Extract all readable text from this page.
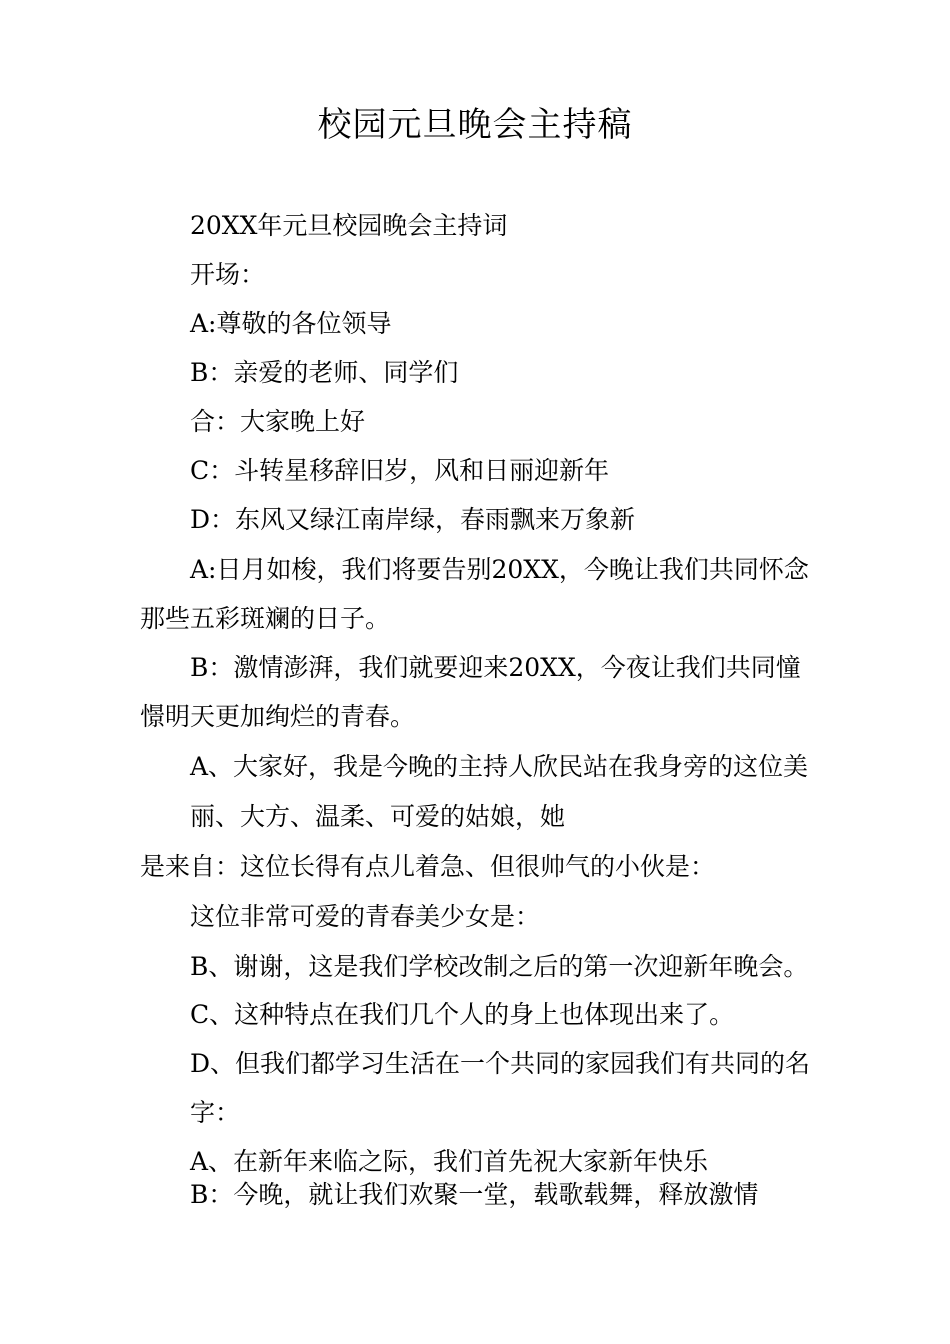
校园元旦晚会主持稿
20XX年元旦校园晚会主持词
开场：
A:尊敬的各位领导
B：亲爱的老师、同学们
合：大家晚上好
C：斗转星移辞旧岁，风和日丽迎新年
D：东风又绿江南岸绿，春雨飘来万象新
A:日月如梭，我们将要告别20XX，今晚让我们共同怀念
那些五彩斑斓的日子。
B：激情澎湃，我们就要迎来20XX，今夜让我们共同憧
憬明天更加绚烂的青春。
A、大家好，我是今晚的主持人欣民站在我身旁的这位美
丽、大方、温柔、可爱的姑娘，她
是来自：这位长得有点儿着急、但很帅气的小伙是：
这位非常可爱的青春美少女是：
B、谢谢，这是我们学校改制之后的第一次迎新年晚会。
C、这种特点在我们几个人的身上也体现出来了。
D、但我们都学习生活在一个共同的家园我们有共同的名
字：
A、在新年来临之际，我们首先祝大家新年快乐
B：今晚，就让我们欢聚一堂，载歌载舞，释放激情
